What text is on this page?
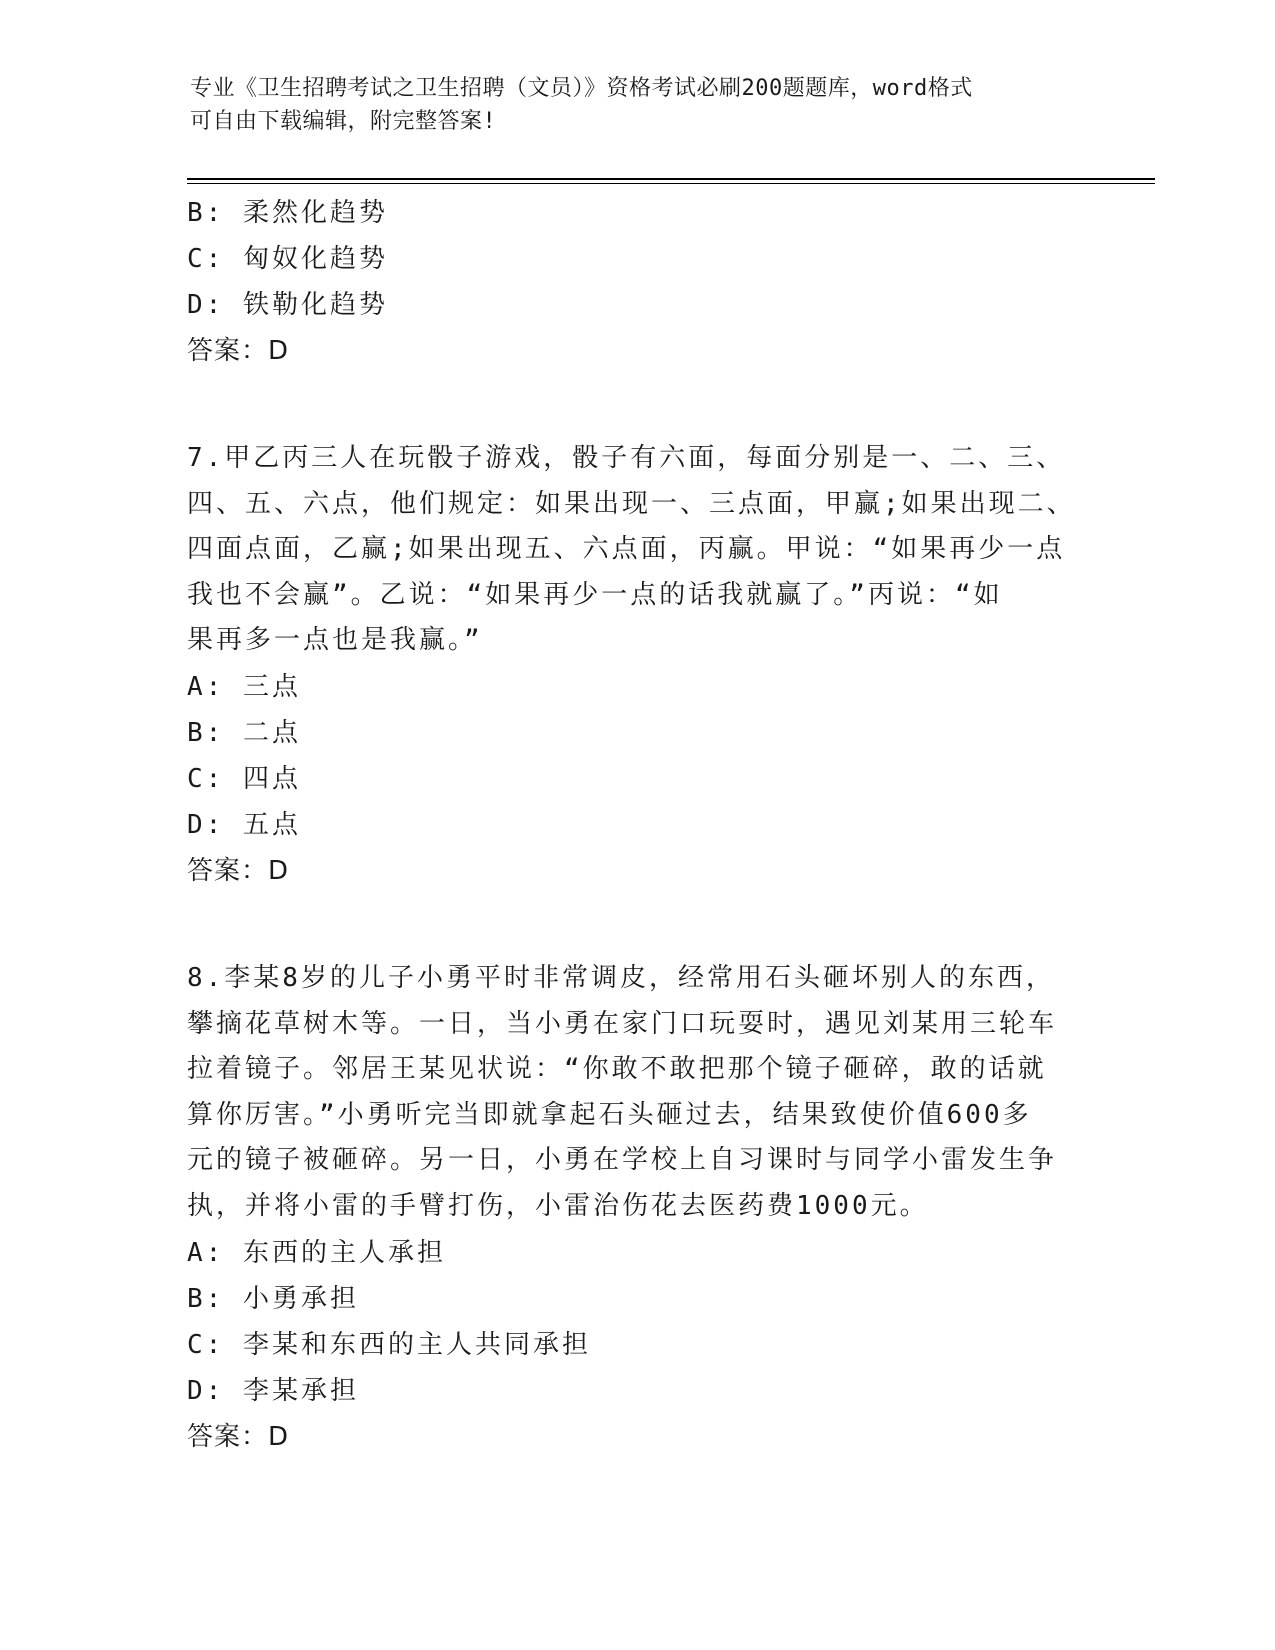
专业《卫生招聘考试之卫生招聘（文员）》资格考试必刷200题题库，word格式
可自由下载编辑，附完整答案!
B: 柔然化趋势
C: 匈奴化趋势
D: 铁勒化趋势
答案：D
7.甲乙丙三人在玩骰子游戏，骰子有六面，每面分别是一、二、三、
四、五、六点，他们规定：如果出现一、三点面，甲赢;如果出现二、
四面点面，乙赢;如果出现五、六点面，丙赢。甲说：“如果再少一点
我也不会赢”。乙说：“如果再少一点的话我就赢了。”丙说：“如
果再多一点也是我赢。”
A: 三点
B: 二点
C: 四点
D: 五点
答案：D
8.李某8岁的儿子小勇平时非常调皮，经常用石头砸坏别人的东西，
攀摘花草树木等。一日，当小勇在家门口玩耍时，遇见刘某用三轮车
拉着镜子。邻居王某见状说：“你敢不敢把那个镜子砸碎，敢的话就
算你厉害。”小勇听完当即就拿起石头砸过去，结果致使价值600多
元的镜子被砸碎。另一日，小勇在学校上自习课时与同学小雷发生争
执，并将小雷的手臂打伤，小雷治伤花去医药费1000元。
A: 东西的主人承担
B: 小勇承担
C: 李某和东西的主人共同承担
D: 李某承担
答案：D
